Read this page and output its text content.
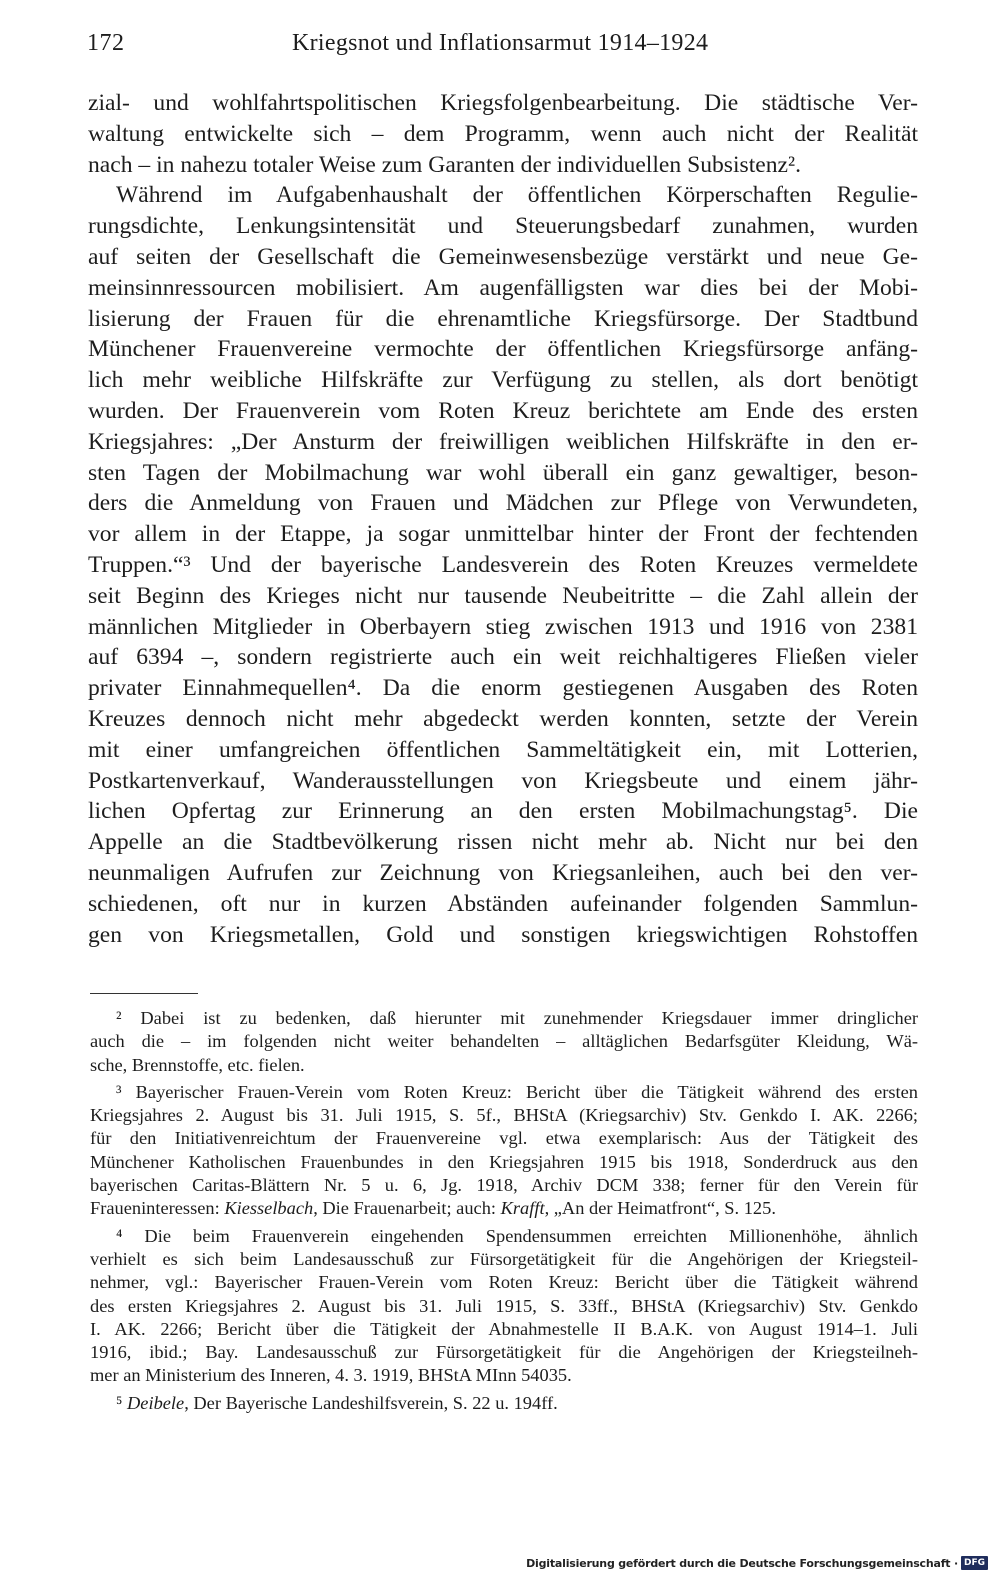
172	Kriegsnot und Inflationsarmut 1914–1924
zial- und wohlfahrtspolitischen Kriegsfolgenbearbeitung. Die städtische Ver-
waltung entwickelte sich – dem Programm, wenn auch nicht der Realität
nach – in nahezu totaler Weise zum Garanten der individuellen Subsistenz².
Während im Aufgabenhaushalt der öffentlichen Körperschaften Regulie-
rungsdichte, Lenkungsintensität und Steuerungsbedarf zunahmen, wurden
auf seiten der Gesellschaft die Gemeinwesensbezüge verstärkt und neue Ge-
meinsinnressourcen mobilisiert. Am augenfälligsten war dies bei der Mobi-
lisierung der Frauen für die ehrenamtliche Kriegsfürsorge. Der Stadtbund
Münchener Frauenvereine vermochte der öffentlichen Kriegsfürsorge anfäng-
lich mehr weibliche Hilfskräfte zur Verfügung zu stellen, als dort benötigt
wurden. Der Frauenverein vom Roten Kreuz berichtete am Ende des ersten
Kriegsjahres: „Der Ansturm der freiwilligen weiblichen Hilfskräfte in den er-
sten Tagen der Mobilmachung war wohl überall ein ganz gewaltiger, beson-
ders die Anmeldung von Frauen und Mädchen zur Pflege von Verwundeten,
vor allem in der Etappe, ja sogar unmittelbar hinter der Front der fechtenden
Truppen.“³ Und der bayerische Landesverein des Roten Kreuzes vermeldete
seit Beginn des Krieges nicht nur tausende Neubeitritte – die Zahl allein der
männlichen Mitglieder in Oberbayern stieg zwischen 1913 und 1916 von 2381
auf 6394 –, sondern registrierte auch ein weit reichhaltigeres Fließen vieler
privater Einnahmequellen⁴. Da die enorm gestiegenen Ausgaben des Roten
Kreuzes dennoch nicht mehr abgedeckt werden konnten, setzte der Verein
mit einer umfangreichen öffentlichen Sammeltätigkeit ein, mit Lotterien,
Postkartenverkauf, Wanderausstellungen von Kriegsbeute und einem jähr-
lichen Opfertag zur Erinnerung an den ersten Mobilmachungstag⁵. Die
Appelle an die Stadtbevölkerung rissen nicht mehr ab. Nicht nur bei den
neunmaligen Aufrufen zur Zeichnung von Kriegsanleihen, auch bei den ver-
schiedenen, oft nur in kurzen Abständen aufeinander folgenden Sammlun-
gen von Kriegsmetallen, Gold und sonstigen kriegswichtigen Rohstoffen
² Dabei ist zu bedenken, daß hierunter mit zunehmender Kriegsdauer immer dringlicher
auch die – im folgenden nicht weiter behandelten – alltäglichen Bedarfsgüter Kleidung, Wä-
sche, Brennstoffe, etc. fielen.
³ Bayerischer Frauen-Verein vom Roten Kreuz: Bericht über die Tätigkeit während des ersten
Kriegsjahres 2. August bis 31. Juli 1915, S. 5f., BHStA (Kriegsarchiv) Stv. Genkdo I. AK. 2266;
für den Initiativenreichtum der Frauenvereine vgl. etwa exemplarisch: Aus der Tätigkeit des
Münchener Katholischen Frauenbundes in den Kriegsjahren 1915 bis 1918, Sonderdruck aus den
bayerischen Caritas-Blättern Nr. 5 u. 6, Jg. 1918, Archiv DCM 338; ferner für den Verein für
Fraueninteressen: Kiesselbach, Die Frauenarbeit; auch: Krafft, „An der Heimatfront“, S. 125.
⁴ Die beim Frauenverein eingehenden Spendensummen erreichten Millionenhöhe, ähnlich
verhielt es sich beim Landesausschuß zur Fürsorgetätigkeit für die Angehörigen der Kriegsteil-
nehmer, vgl.: Bayerischer Frauen-Verein vom Roten Kreuz: Bericht über die Tätigkeit während
des ersten Kriegsjahres 2. August bis 31. Juli 1915, S. 33ff., BHStA (Kriegsarchiv) Stv. Genkdo
I. AK. 2266; Bericht über die Tätigkeit der Abnahmestelle II B.A.K. von August 1914–1. Juli
1916, ibid.; Bay. Landesausschuß zur Fürsorgetätigkeit für die Angehörigen der Kriegsteilneh-
mer an Ministerium des Inneren, 4. 3. 1919, BHStA MInn 54035.
⁵ Deibele, Der Bayerische Landeshilfsverein, S. 22 u. 194ff.
Digitalisierung gefördert durch die Deutsche Forschungsgemeinschaft · DFG
